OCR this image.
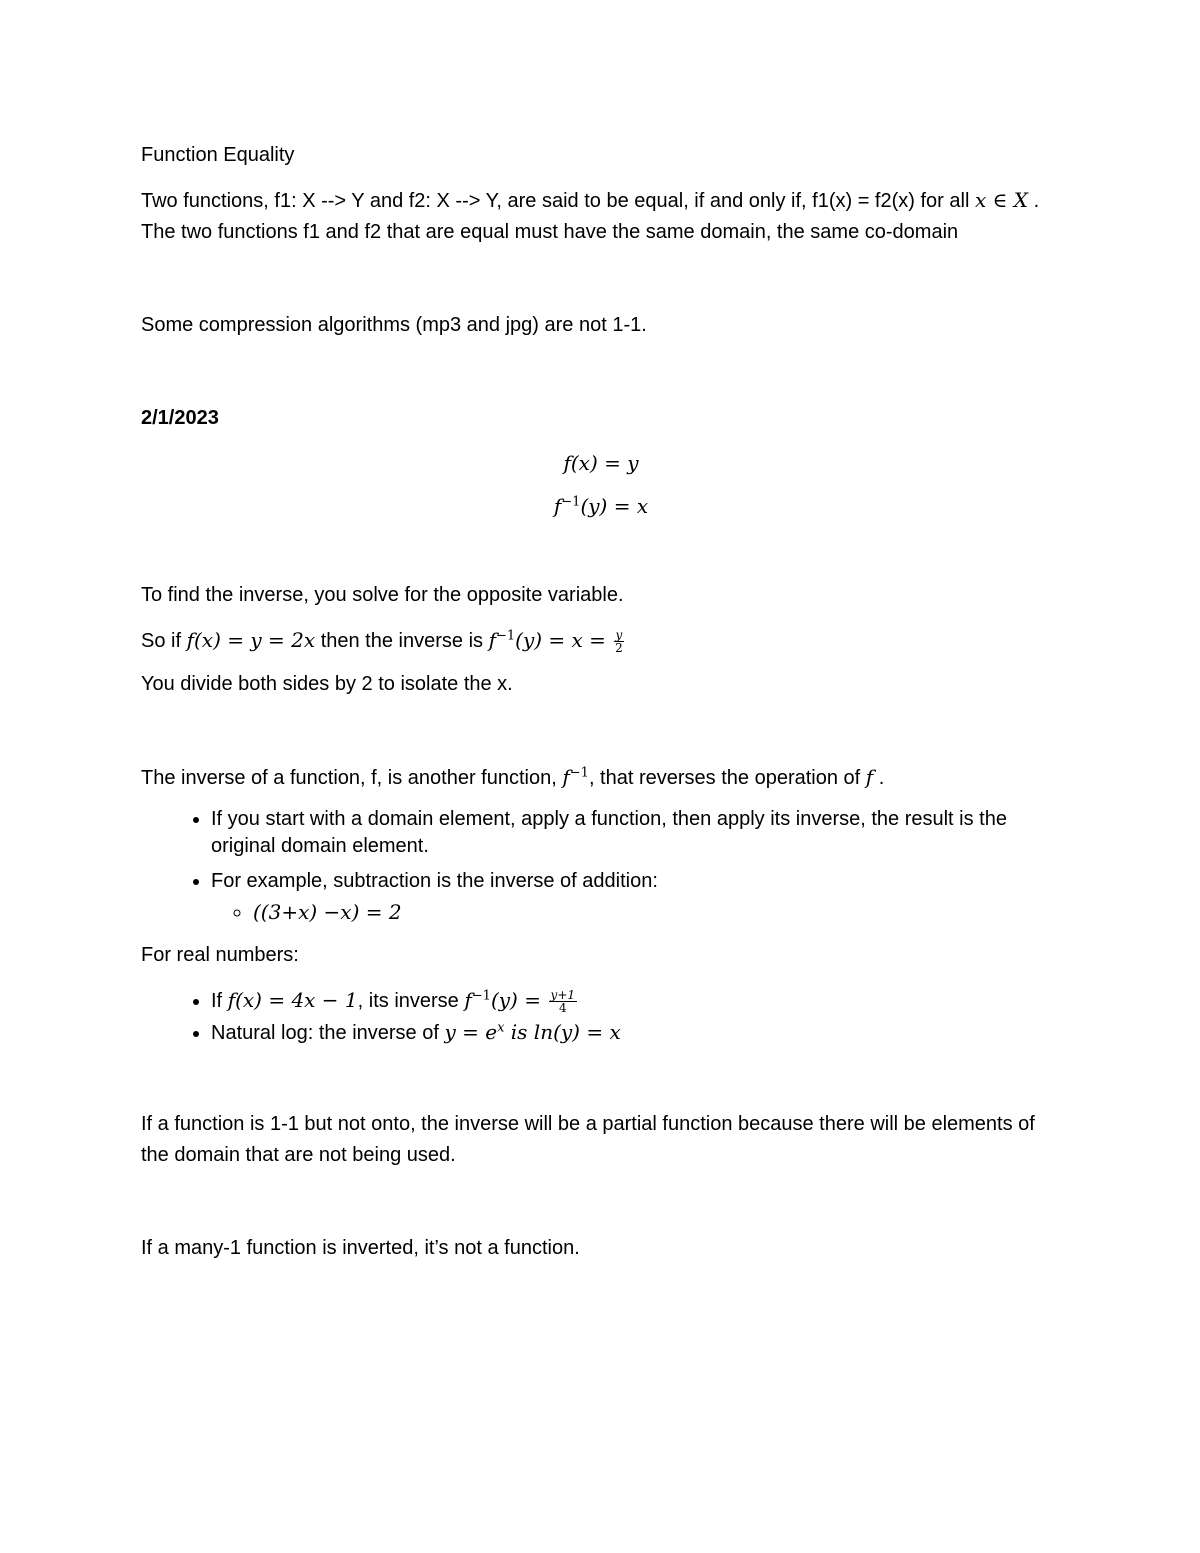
Function Equality

Two functions, f1: X --> Y and f2: X --> Y, are said to be equal, if and only if, f1(x) = f2(x) for all x ∈ X . The two functions f1 and f2 that are equal must have the same domain, the same co-domain

Some compression algorithms (mp3 and jpg) are not 1-1.

2/1/2023

f(x) = y

$f^{-1}(y) = x$

To find the inverse, you solve for the opposite variable.

So if f(x) = y = 2x then the inverse is $f^{-1}(y) = x = \frac{y}{2}$

You divide both sides by 2 to isolate the x.

The inverse of a function, f, is another function, $f^{-1}$, that reverses the operation of f .

• If you start with a domain element, apply a function, then apply its inverse, the result is the original domain element.
• For example, subtraction is the inverse of addition:
◦ ((3+x) −x) = 2

For real numbers:

• If f(x) = 4x − 1, its inverse $f^{-1}(y) = \frac{y+1}{4}$
• Natural log: the inverse of $y = e^x$ is ln(y) = x

If a function is 1-1 but not onto, the inverse will be a partial function because there will be elements of the domain that are not being used.

If a many-1 function is inverted, it’s not a function.
